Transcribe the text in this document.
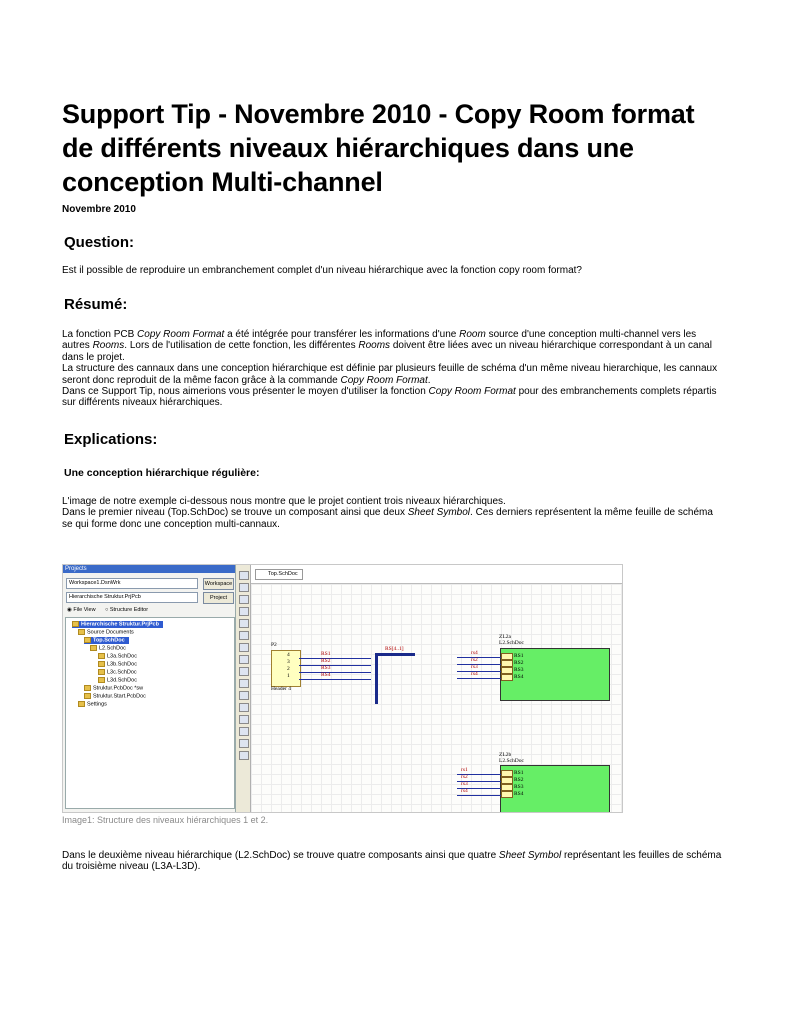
Support Tip - Novembre 2010 - Copy Room format de différents niveaux hiérarchiques dans une conception Multi-channel
Novembre 2010
Question:
Est il possible de reproduire un embranchement complet d'un niveau hiérarchique avec la fonction copy room format?
Résumé:
La fonction PCB Copy Room Format a été intégrée pour transférer les informations d'une Room source d'une conception multi-channel vers les autres Rooms. Lors de l'utilisation de cette fonction, les différentes Rooms doivent être liées avec un niveau hiérarchique correspondant à un canal dans le projet.
La structure des cannaux dans une conception hiérarchique est définie par plusieurs feuille de schéma d'un même niveau hierarchique, les cannaux seront donc reproduit de la même facon grâce à la commande Copy Room Format.
Dans ce Support Tip, nous aimerions vous présenter le moyen d'utiliser la fonction Copy Room Format pour des embranchements complets répartis sur différents niveaux hiérarchiques.
Explications:
Une conception hiérarchique régulière:
L'image de notre exemple ci-dessous nous montre que le projet contient trois niveaux hiérarchiques.
Dans le premier niveau (Top.SchDoc) se trouve un composant ainsi que deux Sheet Symbol. Ces derniers représentent la même feuille de schéma se qui forme donc une conception multi-cannaux.
Image1: Structure des niveaux hiérarchiques 1 et 2.
Dans le deuxième niveau hiérarchique (L2.SchDoc) se trouve quatre composants ainsi que quatre Sheet Symbol représentant les feuilles de schéma du troisième niveau (L3A-L3D).
Projects
Workspace1.DsnWrk	Workspace
Hierarchische Struktur.PrjPcb	Project
◉ File View ○ Structure Editor
Hierarchische Struktur.PrjPcb
Source Documents
Top.SchDoc
L2.SchDoc
L3a.SchDoc
L3b.SchDoc
L3c.SchDoc
L3d.SchDoc
Struktur.PcbDoc *sw
Struktur.Start.PcbDoc
Settings
Top.SchDoc
P2
4
3
2
1
Header 4
RS1
RS2
RS3
RS4
RS[4..1]
ZL2a
L2.SchDoc
RS1
RS2
RS3
RS4
rs4
rs2
rs3
rs4
ZL2b
L2.SchDoc
RS1
RS2
RS3
RS4
rs1
rs2
rs3
rs4
